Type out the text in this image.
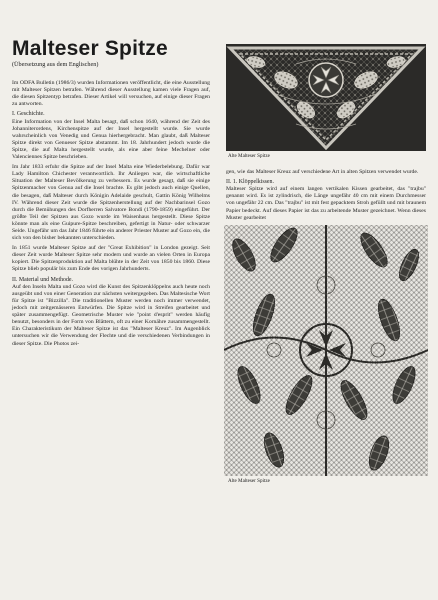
Malteser Spitze
(Übersetzung aus dem Englischen)

Im ODFA Bulletin (1986/3) wurden Informationen veröffentlicht, die eine Ausstellung mit Malteser Spitzen betrafen. Während dieser Ausstellung kamen viele Fragen auf, die diesen Spitzentyp betrafen. Dieser Artikel will versuchen, auf einige dieser Fragen zu antworten.

I. Geschichte.

Eine Information von der Insel Malta besagt, daß schon 1640, während der Zeit des Johanniterordens, Kirchenspitze auf der Insel hergestellt wurde. Sie wurde wahrscheinlich von Venedig und Genua hierhergebracht. Man glaubt, daß Malteser Spitze direkt von Genueser Spitze abstammt. Im 18. Jahrhundert jedoch wurde die Spitze, die auf Malta hergestellt wurde, als eine aber feine Mechelner oder Valenciennes Spitze beschrieben.

Im Jahr 1833 erfuhr die Spitze auf der Insel Malta eine Wiederbelebung. Dafür war Lady Hamilton Chichester verantwortlich. Ihr Anliegen war, die wirtschaftliche Situation der Malteser Bevölkerung zu verbessern. Es wurde gesagt, daß sie einige Spitzenmacher von Genua auf die Insel brachte. Es gibt jedoch auch einige Quellen, die besagen, daß Malteser durch Königin Adelaide geschult, Gattin König Wilhelms IV. Während dieser Zeit wurde die Spitzenherstellung auf der Nachbarinsel Gozo durch die Bemühungen des Dorfherren Salvatore Bondì (1790-1859) eingeführt. Der größte Teil der Spitzen aus Gozo wurde im Waisenhaus hergestellt. Diese Spitze könnte man als eine Guipure-Spitze beschreiben, gefertigt in Natur- oder schwarzer Seide. Ungefähr um das Jahr 1846 führte ein anderer Priester Muster auf Gozo ein, die sich von den bisher bekannten unterschieden.

In 1851 wurde Malteser Spitze auf der "Great Exhibition" in London gezeigt. Seit dieser Zeit wurde Malteser Spitze sehr modern und wurde an vielen Orten in Europa kopiert. Die Spitzenproduktion auf Malta blühte in der Zeit von 1850 bis 1860. Diese Spitze blieb populär bis zum Ende des vorigen Jahrhunderts.

II. Material und Methode.

Auf den Inseln Malta und Gozo wird die Kunst des Spitzenklöppelns auch heute noch ausgeübt und von einer Generation zur nächsten weitergegeben. Das Maltesische Wort für Spitze ist "Bizzilla". Die traditionellen Muster werden noch immer verwendet, jedoch mit zeitgemässeren Entwürfen. Die Spitze wird in Streifen gearbeitet und später zusammengefügt. Geometrische Muster wie "point d'esprit" werden häufig benutzt, besonders in der Form von Blättern, oft zu einer Kornähre zusammengestellt. Ein Charakteristikum der Malteser Spitze ist das "Malteser Kreuz". Im Augenblick untersuchen wir die Verwendung der Flechte und die verschiedenen Verbindungen in dieser Spitze. Die Photos zei-

Alte Malteser Spitze

gen, wie das Malteser Kreuz auf verschiedene Art in alten Spitzen verwendet wurde.

II. 1. Klöppelkissen.

Malteser Spitze wird auf einem langen vertikalen Kissen gearbeitet, das "trajbu" genannt wird. Es ist zylindrisch, die Länge ungefähr 40 cm mit einem Durchmesser von ungefähr 22 cm. Das "trajbu" ist mit fest gepacktem Stroh gefüllt und mit braunem Papier bedeckt. Auf dieses Papier ist das zu arbeitende Muster gezeichnet. Wenn dieses Muster gearbeitet

Alte Malteser Spitze
